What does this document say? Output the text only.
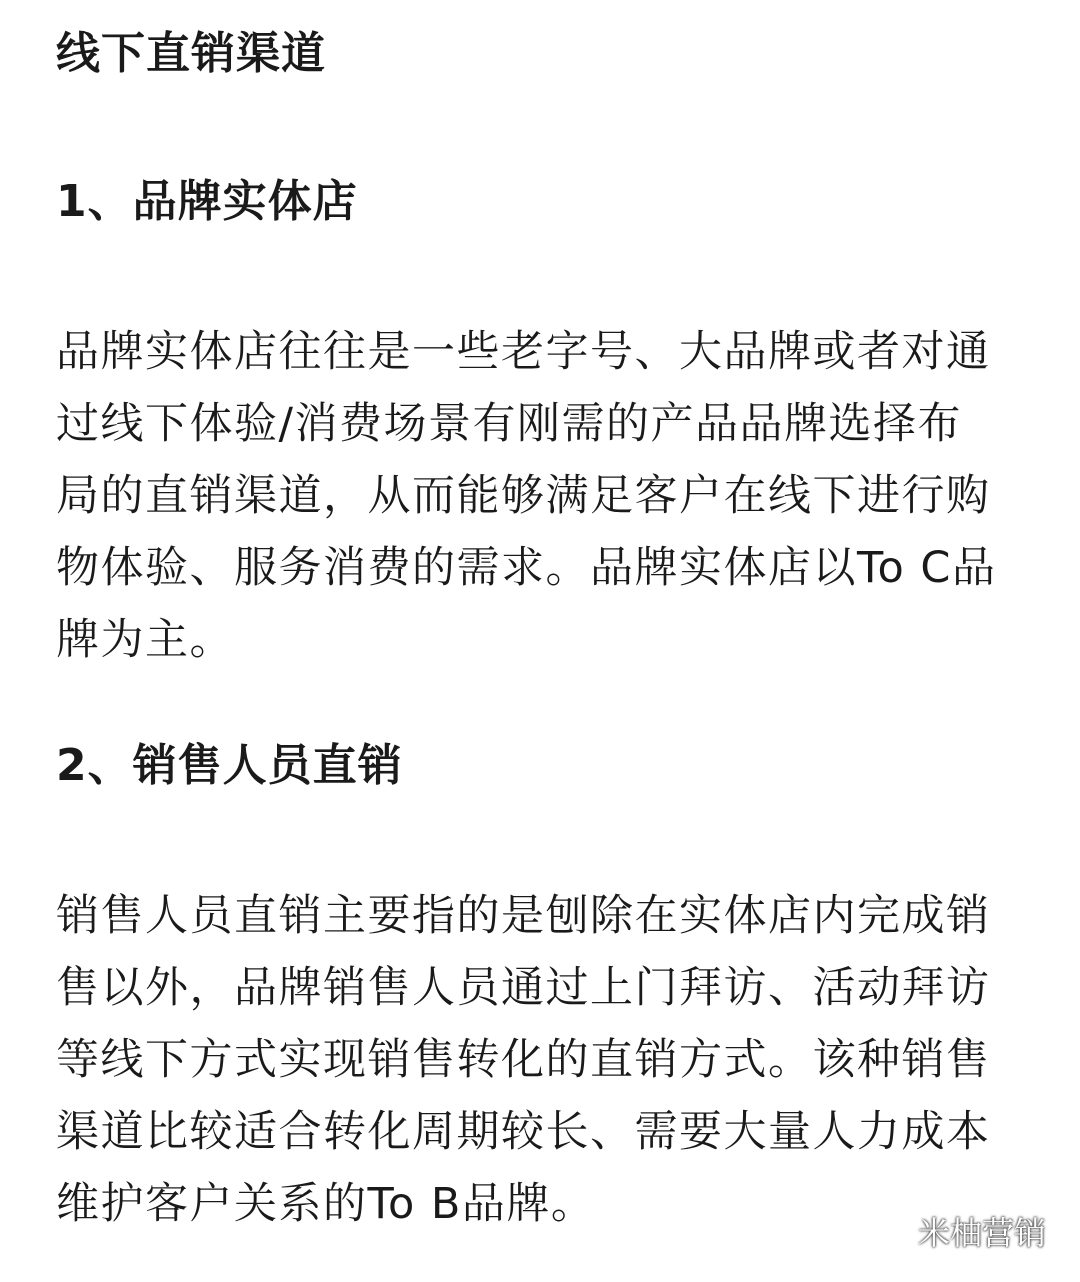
线下直销渠道
1、品牌实体店

品牌实体店往往是一些老字号、大品牌或者对通过线下体验/消费场景有刚需的产品品牌选择布局的直销渠道，从而能够满足客户在线下进行购物体验、服务消费的需求。品牌实体店以To C品牌为主。

2、销售人员直销

销售人员直销主要指的是刨除在实体店内完成销售以外，品牌销售人员通过上门拜访、活动拜访等线下方式实现销售转化的直销方式。该种销售渠道比较适合转化周期较长、需要大量人力成本维护客户关系的To B品牌。

米柚营销
